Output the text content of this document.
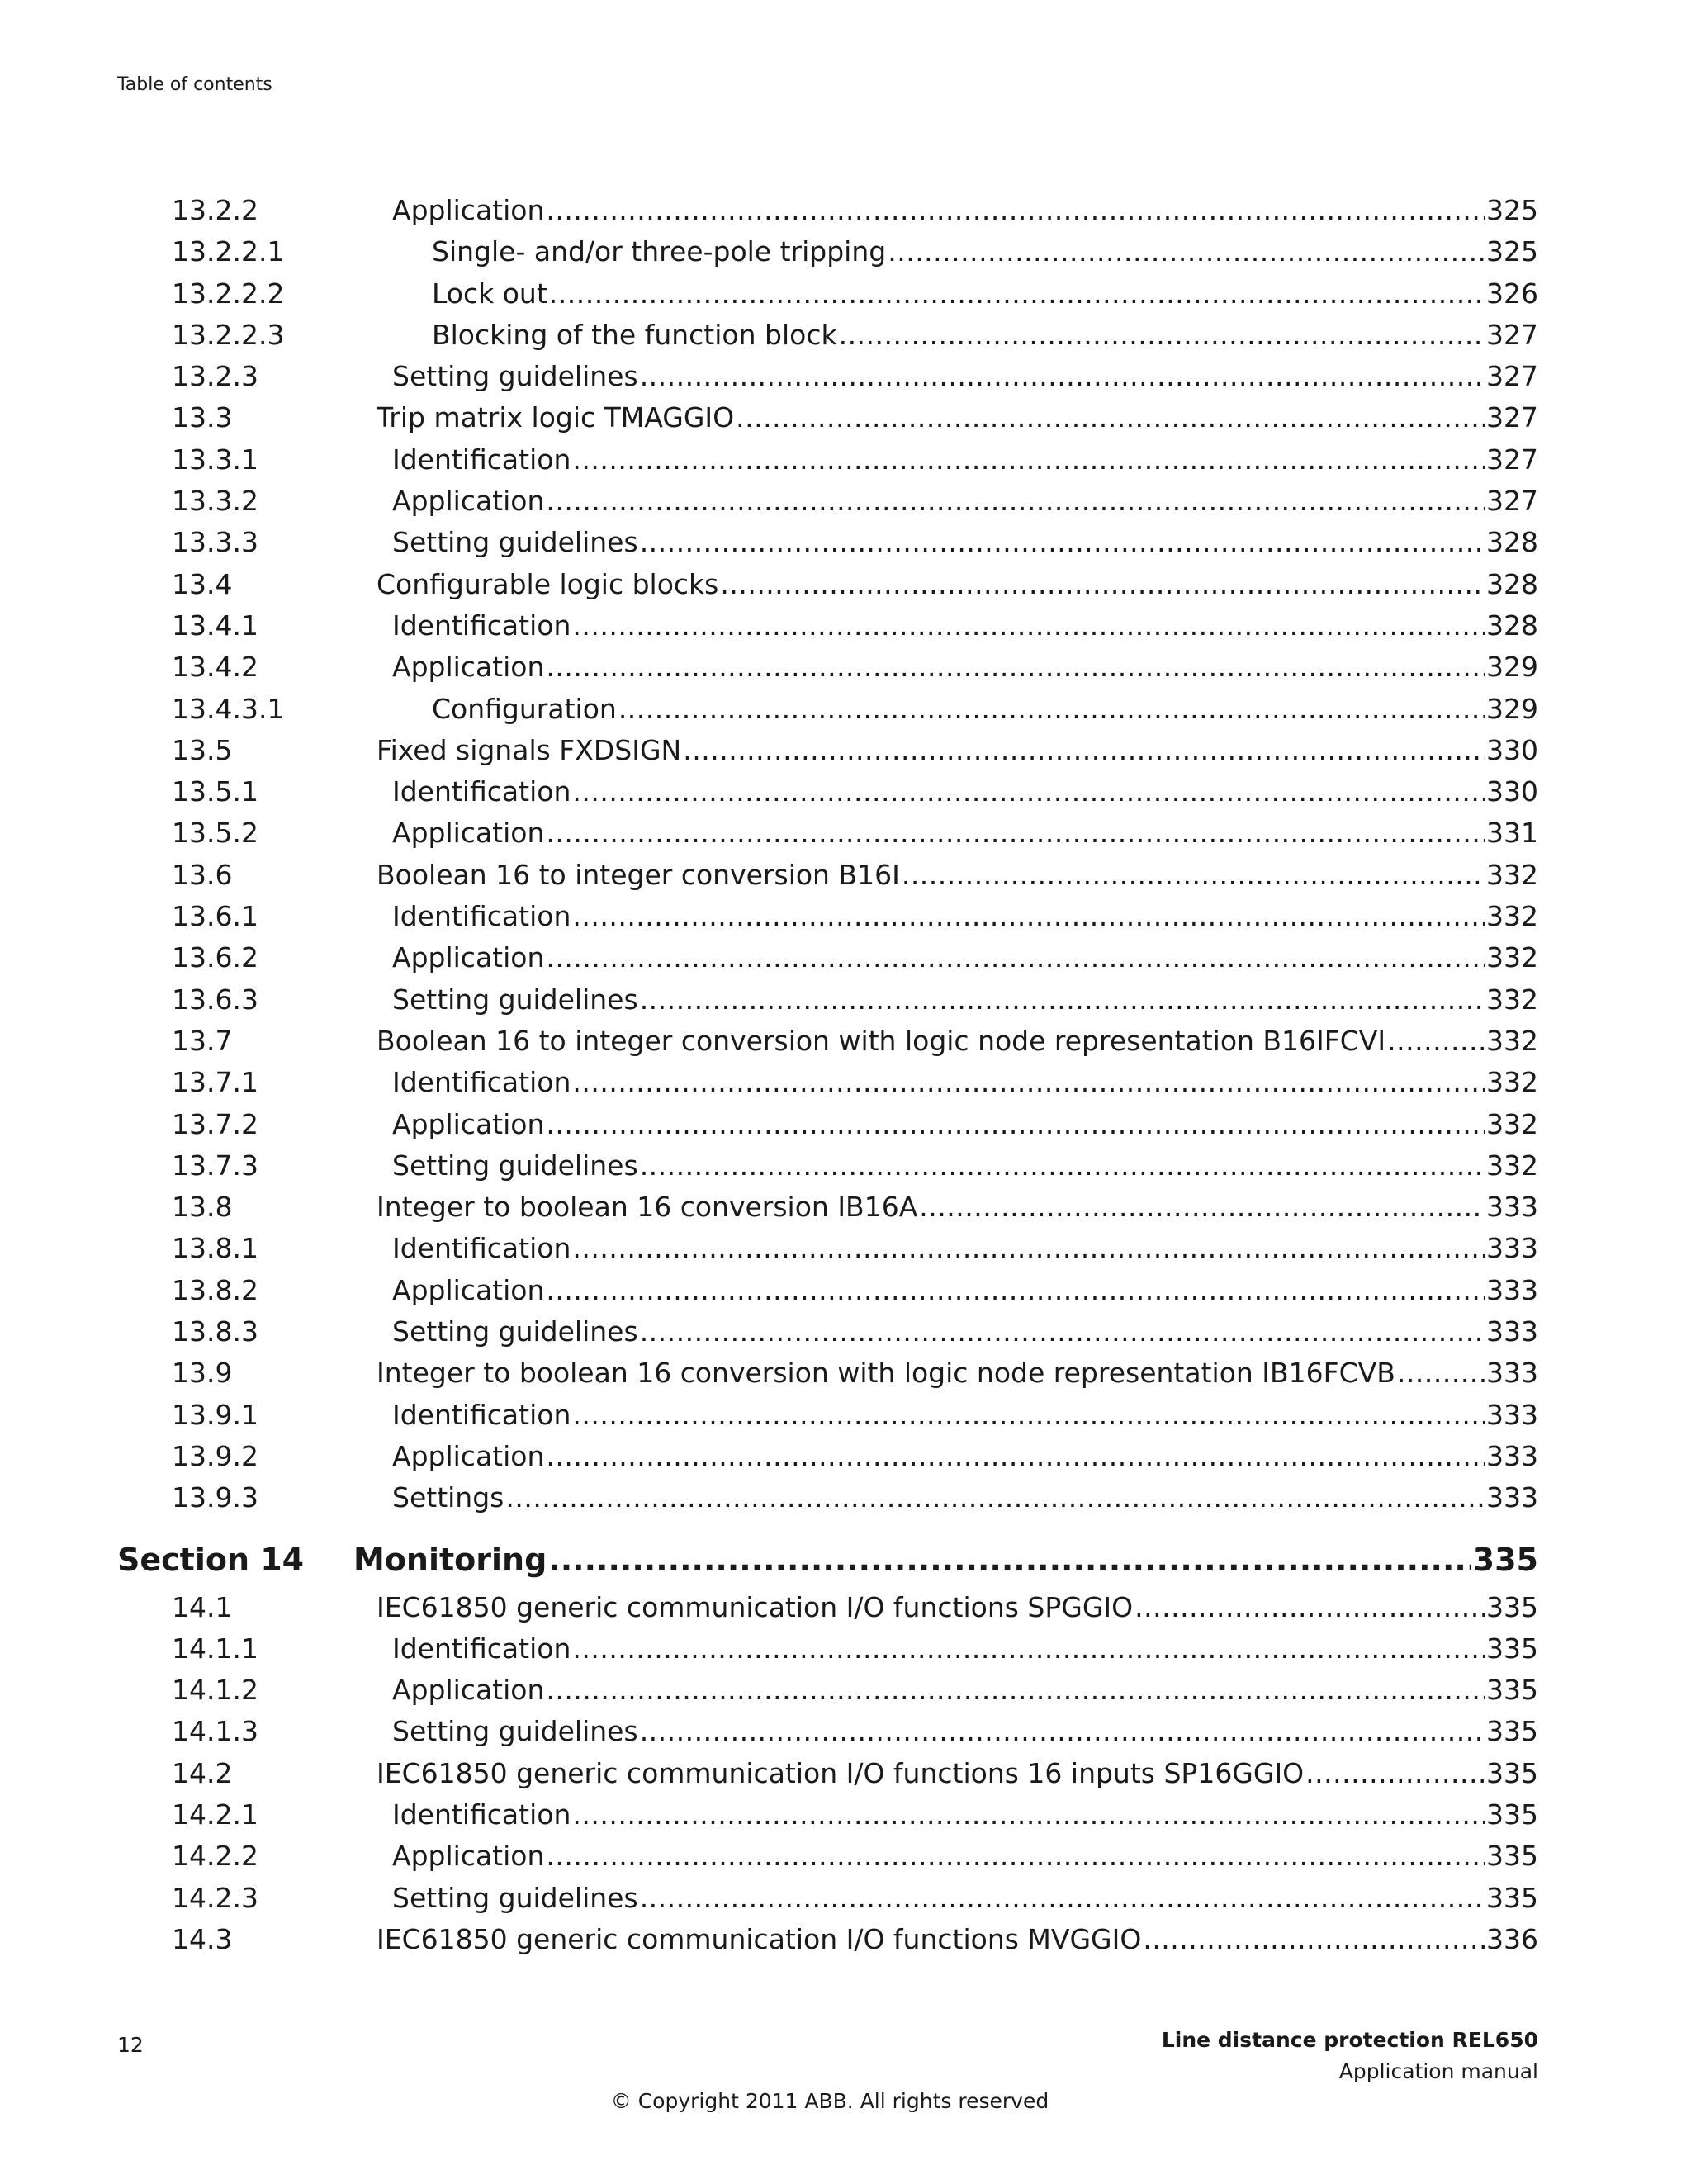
Table of contents
13.2.2	Application .....	325
13.2.2.1	Single- and/or three-pole tripping .....	325
13.2.2.2	Lock out .....	326
13.2.2.3	Blocking of the function block .....	327
13.2.3	Setting guidelines .....	327
13.3	Trip matrix logic TMAGGIO .....	327
13.3.1	Identification .....	327
13.3.2	Application .....	327
13.3.3	Setting guidelines .....	328
13.4	Configurable logic blocks .....	328
13.4.1	Identification .....	328
13.4.2	Application .....	329
13.4.3.1	Configuration .....	329
13.5	Fixed signals FXDSIGN .....	330
13.5.1	Identification .....	330
13.5.2	Application .....	331
13.6	Boolean 16 to integer conversion B16I .....	332
13.6.1	Identification .....	332
13.6.2	Application .....	332
13.6.3	Setting guidelines .....	332
13.7	Boolean 16 to integer conversion with logic node representation B16IFCVI .....	332
13.7.1	Identification .....	332
13.7.2	Application .....	332
13.7.3	Setting guidelines .....	332
13.8	Integer to boolean 16 conversion IB16A .....	333
13.8.1	Identification .....	333
13.8.2	Application .....	333
13.8.3	Setting guidelines .....	333
13.9	Integer to boolean 16 conversion with logic node representation IB16FCVB .....	333
13.9.1	Identification .....	333
13.9.2	Application .....	333
13.9.3	Settings .....	333
Section 14 Monitoring .....	335
14.1	IEC61850 generic communication I/O functions SPGGIO .....	335
14.1.1	Identification .....	335
14.1.2	Application .....	335
14.1.3	Setting guidelines .....	335
14.2	IEC61850 generic communication I/O functions 16 inputs SP16GGIO .....	335
14.2.1	Identification .....	335
14.2.2	Application .....	335
14.2.3	Setting guidelines .....	335
14.3	IEC61850 generic communication I/O functions MVGGIO .....	336
12	Line distance protection REL650
Application manual
© Copyright 2011 ABB. All rights reserved
